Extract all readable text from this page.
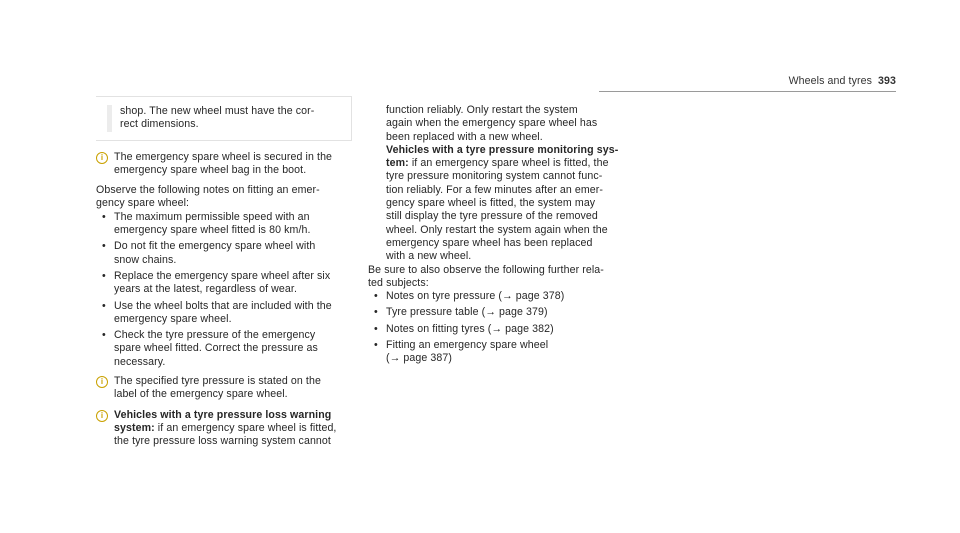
Wheels and tyres 393

shop. The new wheel must have the cor-
rect dimensions.

i	The emergency spare wheel is secured in the
emergency spare wheel bag in the boot.

Observe the following notes on fitting an emer-
gency spare wheel:

• The maximum permissible speed with an
emergency spare wheel fitted is 80 km/h.
• Do not fit the emergency spare wheel with
snow chains.
• Replace the emergency spare wheel after six
years at the latest, regardless of wear.
• Use the wheel bolts that are included with the
emergency spare wheel.
• Check the tyre pressure of the emergency
spare wheel fitted. Correct the pressure as
necessary.
i	The specified tyre pressure is stated on the
label of the emergency spare wheel.

i	Vehicles with a tyre pressure loss warning
system: if an emergency spare wheel is fitted,
the tyre pressure loss warning system cannot

function reliably. Only restart the system
again when the emergency spare wheel has
been replaced with a new wheel.

Vehicles with a tyre pressure monitoring sys-
tem: if an emergency spare wheel is fitted, the
tyre pressure monitoring system cannot func-
tion reliably. For a few minutes after an emer-
gency spare wheel is fitted, the system may
still display the tyre pressure of the removed
wheel. Only restart the system again when the
emergency spare wheel has been replaced
with a new wheel.

Be sure to also observe the following further rela-
ted subjects:

• Notes on tyre pressure (→ page 378)
• Tyre pressure table (→ page 379)
• Notes on fitting tyres (→ page 382)
• Fitting an emergency spare wheel
(→ page 387)
